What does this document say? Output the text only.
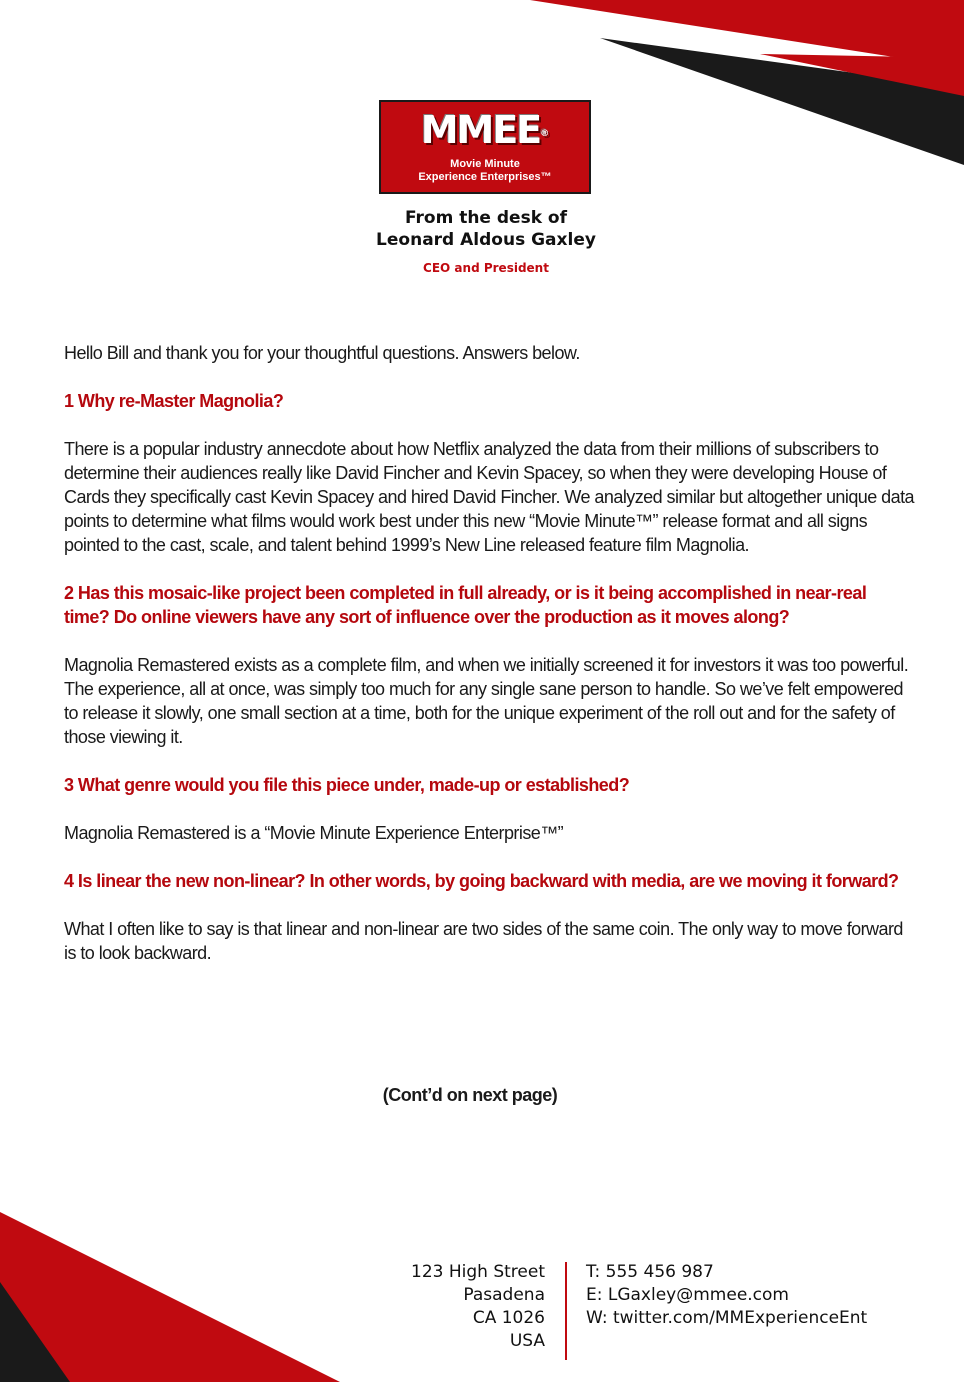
MMEE®
Movie Minute
Experience Enterprises™
From the desk of
Leonard Aldous Gaxley
CEO and President

Hello Bill and thank you for your thoughtful questions. Answers below.

1 Why re-Master Magnolia?

There is a popular industry annecdote about how Netflix analyzed the data from their millions of subscribers to determine their audiences really like David Fincher and Kevin Spacey, so when they were developing House of Cards they specifically cast Kevin Spacey and hired David Fincher. We analyzed similar but altogether unique data points to determine what films would work best under this new “Movie Minute™” release format and all signs pointed to the cast, scale, and talent behind 1999’s New Line released feature film Magnolia.

2 Has this mosaic-like project been completed in full already, or is it being accomplished in near-real time? Do online viewers have any sort of influence over the production as it moves along?

Magnolia Remastered exists as a complete film, and when we initially screened it for investors it was too powerful. The experience, all at once, was simply too much for any single sane person to handle. So we’ve felt empowered to release it slowly, one small section at a time, both for the unique experiment of the roll out and for the safety of those viewing it.

3 What genre would you file this piece under, made-up or established?

Magnolia Remastered is a “Movie Minute Experience Enterprise™”

4 Is linear the new non-linear? In other words, by going backward with media, are we moving it forward?

What I often like to say is that linear and non-linear are two sides of the same coin. The only way to move forward is to look backward.

(Cont’d on next page)
123 High Street
Pasadena
CA 1026
USA
T: 555 456 987
E: LGaxley@mmee.com
W: twitter.com/MMExperienceEnt
